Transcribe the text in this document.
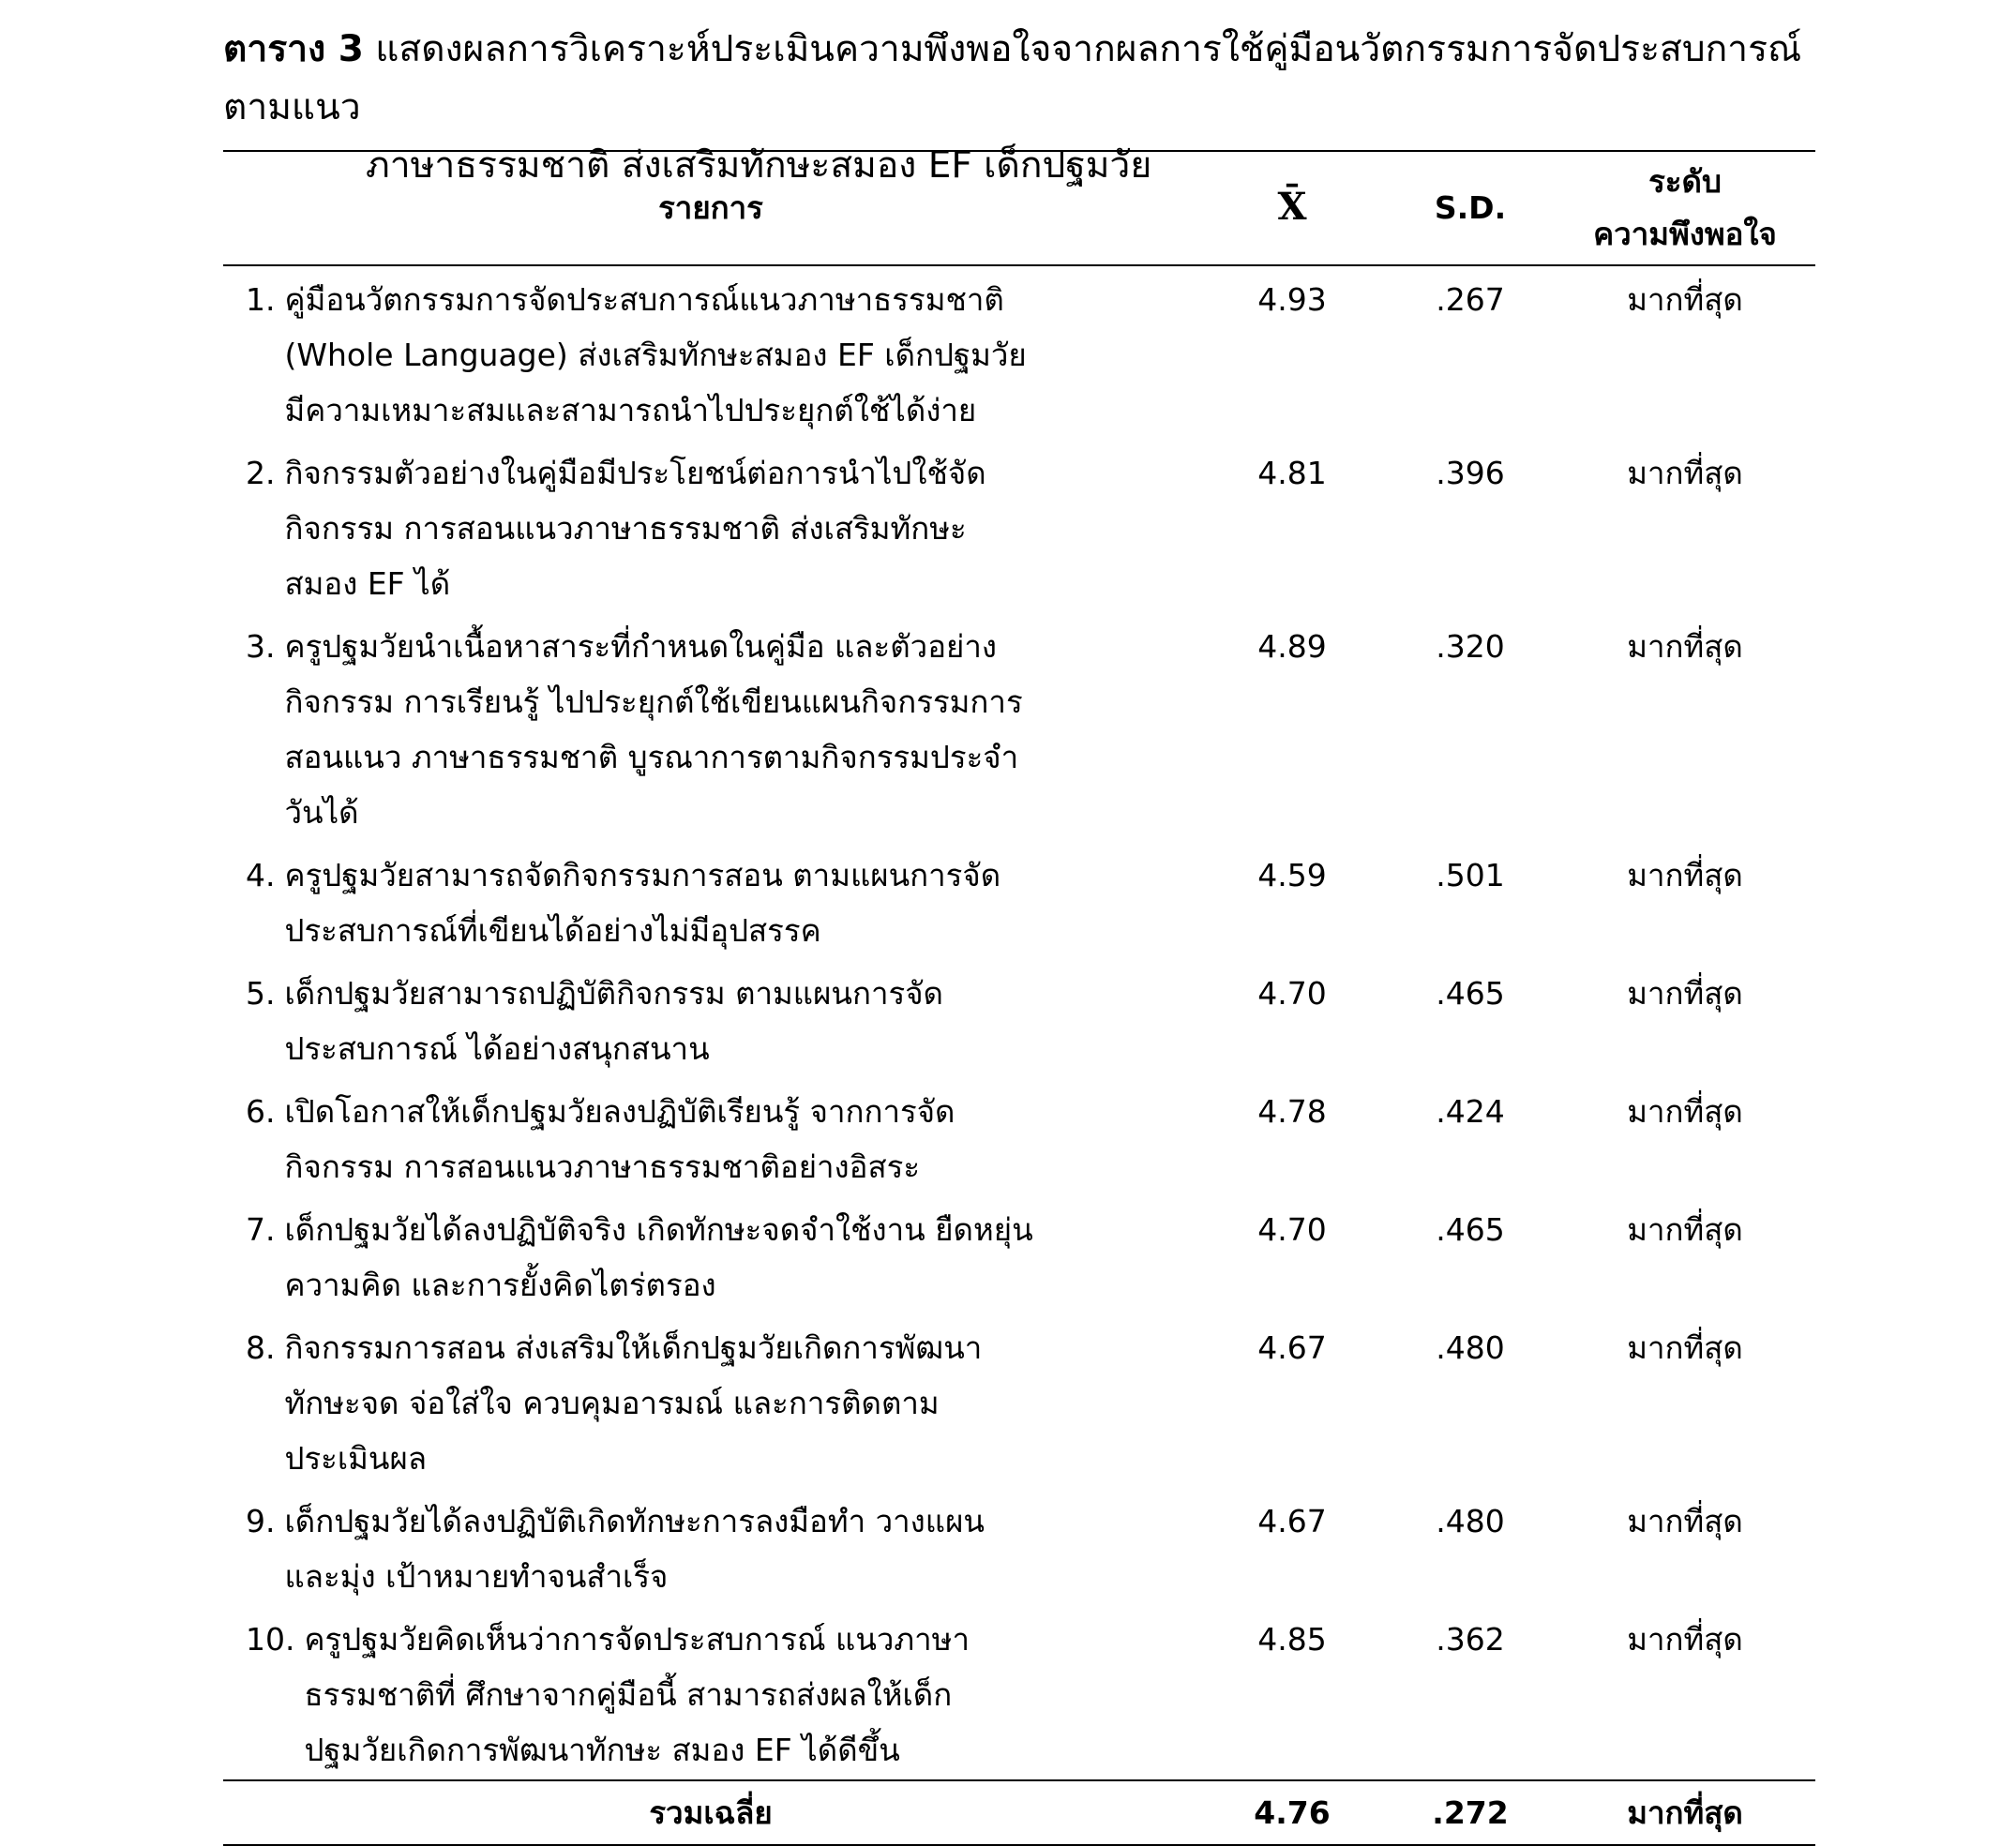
ตาราง 3 แสดงผลการวิเคราะห์ประเมินความพึงพอใจจากผลการใช้คู่มือนวัตกรรมการจัดประสบการณ์ตามแนว
ภาษาธรรมชาติ ส่งเสริมทักษะสมอง EF เด็กปฐมวัย
รายการ	X̄	S.D.	ระดับ
ความพึงพอใจ

1. คู่มือนวัตกรรมการจัดประสบการณ์แนวภาษาธรรมชาติ (Whole Language) ส่งเสริมทักษะสมอง EF เด็กปฐมวัย มีความเหมาะสมและสามารถนำไปประยุกต์ใช้ได้ง่าย	4.93	.267	มากที่สุด

2. กิจกรรมตัวอย่างในคู่มือมีประโยชน์ต่อการนำไปใช้จัดกิจกรรม การสอนแนวภาษาธรรมชาติ ส่งเสริมทักษะสมอง EF ได้	4.81	.396	มากที่สุด

3. ครูปฐมวัยนำเนื้อหาสาระที่กำหนดในคู่มือ และตัวอย่างกิจกรรม การเรียนรู้ ไปประยุกต์ใช้เขียนแผนกิจกรรมการสอนแนว ภาษาธรรมชาติ บูรณาการตามกิจกรรมประจำวันได้	4.89	.320	มากที่สุด

4. ครูปฐมวัยสามารถจัดกิจกรรมการสอน ตามแผนการจัด ประสบการณ์ที่เขียนได้อย่างไม่มีอุปสรรค	4.59	.501	มากที่สุด

5. เด็กปฐมวัยสามารถปฏิบัติกิจกรรม ตามแผนการจัดประสบการณ์ ได้อย่างสนุกสนาน	4.70	.465	มากที่สุด

6. เปิดโอกาสให้เด็กปฐมวัยลงปฏิบัติเรียนรู้ จากการจัดกิจกรรม การสอนแนวภาษาธรรมชาติอย่างอิสระ	4.78	.424	มากที่สุด

7. เด็กปฐมวัยได้ลงปฏิบัติจริง เกิดทักษะจดจำใช้งาน ยืดหยุ่น ความคิด และการยั้งคิดไตร่ตรอง	4.70	.465	มากที่สุด

8. กิจกรรมการสอน ส่งเสริมให้เด็กปฐมวัยเกิดการพัฒนาทักษะจด จ่อใส่ใจ ควบคุมอารมณ์ และการติดตามประเมินผล	4.67	.480	มากที่สุด

9. เด็กปฐมวัยได้ลงปฏิบัติเกิดทักษะการลงมือทำ วางแผน และมุ่ง เป้าหมายทำจนสำเร็จ	4.67	.480	มากที่สุด

10. ครูปฐมวัยคิดเห็นว่าการจัดประสบการณ์ แนวภาษาธรรมชาติที่ ศึกษาจากคู่มือนี้ สามารถส่งผลให้เด็กปฐมวัยเกิดการพัฒนาทักษะ สมอง EF ได้ดีขึ้น	4.85	.362	มากที่สุด
รวมเฉลี่ย	4.76	.272	มากที่สุด
